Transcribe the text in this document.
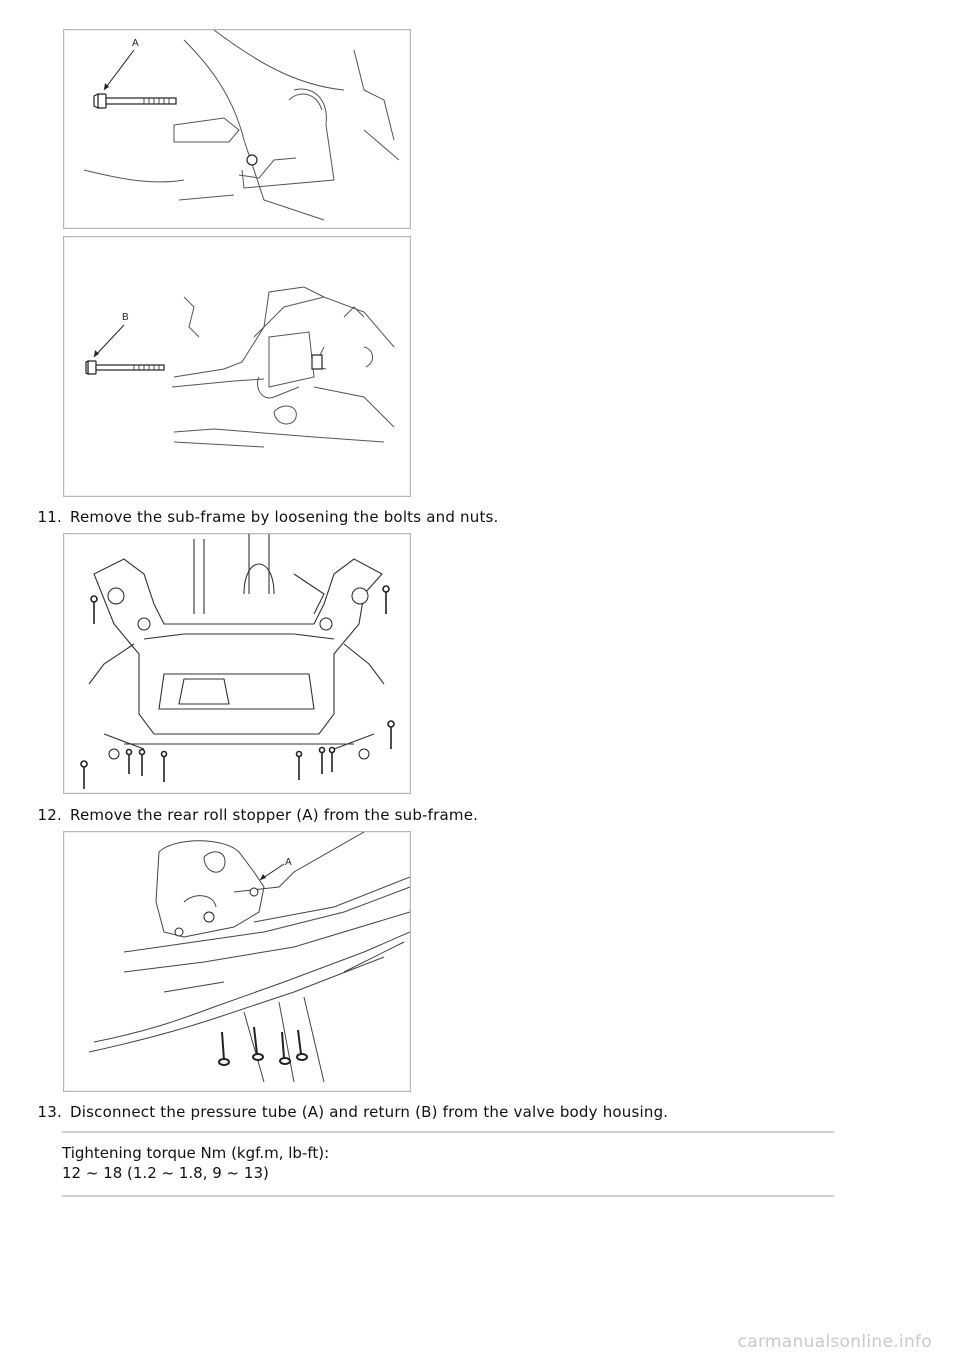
A
B
11. Remove the sub-frame by loosening the bolts and nuts.
12. Remove the rear roll stopper (A) from the sub-frame.
A
13. Disconnect the pressure tube (A) and return (B) from the valve body housing.
Tightening torque Nm (kgf.m, lb-ft):
12 ~ 18 (1.2 ~ 1.8, 9 ~ 13)
carmanualsonline.info
